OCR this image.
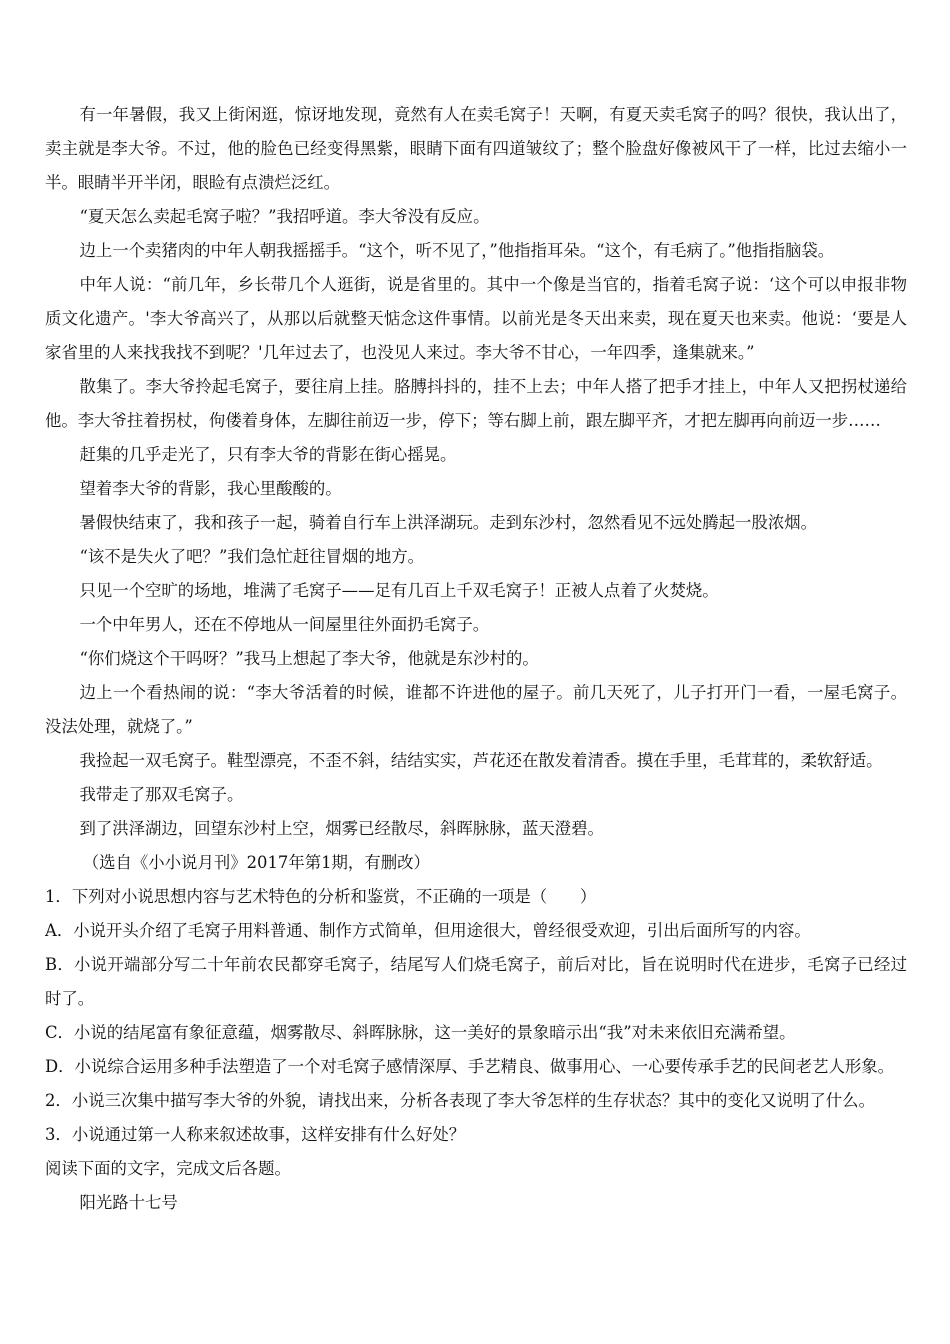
有一年暑假，我又上街闲逛，惊讶地发现，竟然有人在卖毛窝子！天啊，有夏天卖毛窝子的吗？很快，我认出了，卖主就是李大爷。不过，他的脸色已经变得黑紫，眼睛下面有四道皱纹了；整个脸盘好像被风干了一样，比过去缩小一半。眼睛半开半闭，眼睑有点溃烂泛红。

“夏天怎么卖起毛窝子啦？”我招呼道。李大爷没有反应。

边上一个卖猪肉的中年人朝我摇摇手。“这个，听不见了，”他指指耳朵。“这个，有毛病了。”他指指脑袋。

中年人说：“前几年，乡长带几个人逛街，说是省里的。其中一个像是当官的，指着毛窝子说：‘这个可以申报非物质文化遗产。'李大爷高兴了，从那以后就整天惦念这件事情。以前光是冬天出来卖，现在夏天也来卖。他说：‘要是人家省里的人来找我找不到呢？'几年过去了，也没见人来过。李大爷不甘心，一年四季，逢集就来。”

散集了。李大爷拎起毛窝子，要往肩上挂。胳膊抖抖的，挂不上去；中年人搭了把手才挂上，中年人又把拐杖递给他。李大爷拄着拐杖，佝偻着身体，左脚往前迈一步，停下；等右脚上前，跟左脚平齐，才把左脚再向前迈一步……

赶集的几乎走光了，只有李大爷的背影在街心摇晃。

望着李大爷的背影，我心里酸酸的。

暑假快结束了，我和孩子一起，骑着自行车上洪泽湖玩。走到东沙村，忽然看见不远处腾起一股浓烟。

“该不是失火了吧？”我们急忙赶往冒烟的地方。

只见一个空旷的场地，堆满了毛窝子——足有几百上千双毛窝子！正被人点着了火焚烧。

一个中年男人，还在不停地从一间屋里往外面扔毛窝子。

“你们烧这个干吗呀？”我马上想起了李大爷，他就是东沙村的。

边上一个看热闹的说：“李大爷活着的时候，谁都不许进他的屋子。前几天死了，儿子打开门一看，一屋毛窝子。没法处理，就烧了。”

我捡起一双毛窝子。鞋型漂亮，不歪不斜，结结实实，芦花还在散发着清香。摸在手里，毛茸茸的，柔软舒适。

我带走了那双毛窝子。

到了洪泽湖边，回望东沙村上空，烟雾已经散尽，斜晖脉脉，蓝天澄碧。

（选自《小小说月刊》2017年第1期，有删改）

1．下列对小说思想内容与艺术特色的分析和鉴赏，不正确的一项是（　　）

A．小说开头介绍了毛窝子用料普通、制作方式简单，但用途很大，曾经很受欢迎，引出后面所写的内容。

B．小说开端部分写二十年前农民都穿毛窝子，结尾写人们烧毛窝子，前后对比，旨在说明时代在进步，毛窝子已经过时了。

C．小说的结尾富有象征意蕴，烟雾散尽、斜晖脉脉，这一美好的景象暗示出“我”对未来依旧充满希望。

D．小说综合运用多种手法塑造了一个对毛窝子感情深厚、手艺精良、做事用心、一心要传承手艺的民间老艺人形象。

2．小说三次集中描写李大爷的外貌，请找出来，分析各表现了李大爷怎样的生存状态？其中的变化又说明了什么。

3．小说通过第一人称来叙述故事，这样安排有什么好处？

阅读下面的文字，完成文后各题。

阳光路十七号
